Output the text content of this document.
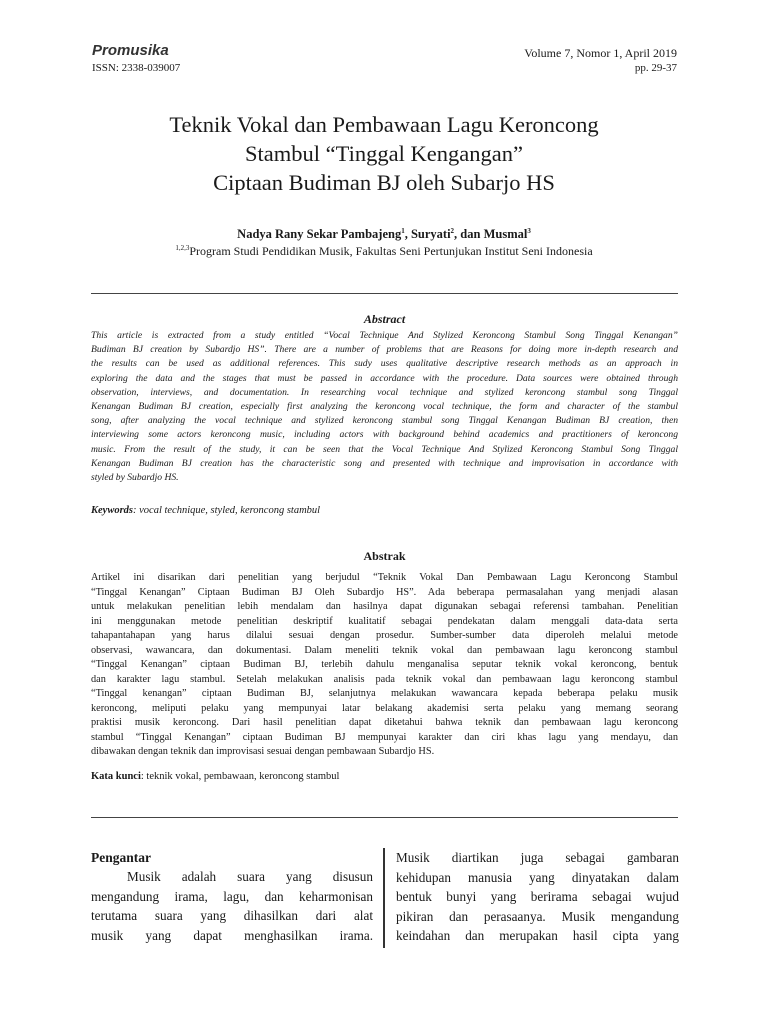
Promusika
ISSN: 2338-039007
Volume 7, Nomor 1, April 2019
pp. 29-37
Teknik Vokal dan Pembawaan Lagu Keroncong
Stambul “Tinggal Kengangan”
Ciptaan Budiman BJ oleh Subarjo HS
Nadya Rany Sekar Pambajeng$^1$, Suryati$^2$, dan Musmal$^3$
$^{1,2,3}$Program Studi Pendidikan Musik, Fakultas Seni Pertunjukan Institut Seni Indonesia
Abstract
This article is extracted from a study entitled “Vocal Technique And Stylized Keroncong Stambul Song Tinggal Kenangan”
Budiman BJ creation by Subardjo HS”. There are a number of problems that are Reasons for doing more in-depth research and
the results can be used as additional references. This sudy uses qualitative descriptive research methods as an approach in
exploring the data and the stages that must be passed in accordance with the procedure. Data sources were obtained through
observation, interviews, and documentation. In researching vocal technique and stylized keroncong stambul song Tinggal
Kenangan Budiman BJ creation, especially first analyzing the keroncong vocal technique, the form and character of the stambul
song, after analyzing the vocal technique and stylized keroncong stambul song Tinggal Kenangan Budiman BJ creation, then
interviewing some actors keroncong music, including actors with background behind academics and practitioners of keroncong
music. From the result of the study, it can be seen that the Vocal Technique And Stylized Keroncong Stambul Song Tinggal
Kenangan Budiman BJ creation has the characteristic song and presented with technique and improvisation in accordance with
styled by Subardjo HS.
Keywords: vocal technique, styled, keroncong stambul
Abstrak
Artikel ini disarikan dari penelitian yang berjudul “Teknik Vokal Dan Pembawaan Lagu Keroncong Stambul
“Tinggal Kenangan” Ciptaan Budiman BJ Oleh Subardjo HS”. Ada beberapa permasalahan yang menjadi alasan
untuk melakukan penelitian lebih mendalam dan hasilnya dapat digunakan sebagai referensi tambahan. Penelitian
ini menggunakan metode penelitian deskriptif kualitatif sebagai pendekatan dalam menggali data-data serta
tahapantahapan yang harus dilalui sesuai dengan prosedur. Sumber-sumber data diperoleh melalui metode
observasi, wawancara, dan dokumentasi. Dalam meneliti teknik vokal dan pembawaan lagu keroncong stambul
“Tinggal Kenangan” ciptaan Budiman BJ, terlebih dahulu menganalisa seputar teknik vokal keroncong, bentuk
dan karakter lagu stambul. Setelah melakukan analisis pada teknik vokal dan pembawaan lagu keroncong stambul
“Tinggal kenangan” ciptaan Budiman BJ, selanjutnya melakukan wawancara kepada beberapa pelaku musik
keroncong, meliputi pelaku yang mempunyai latar belakang akademisi serta pelaku yang memang seorang
praktisi musik keroncong. Dari hasil penelitian dapat diketahui bahwa teknik dan pembawaan lagu keroncong
stambul “Tinggal Kenangan” ciptaan Budiman BJ mempunyai karakter dan ciri khas lagu yang mendayu, dan
dibawakan dengan teknik dan improvisasi sesuai dengan pembawaan Subardjo HS.
Kata kunci: teknik vokal, pembawaan, keroncong stambul
Pengantar
Musik adalah suara yang disusun
mengandung irama, lagu, dan keharmonisan
terutama suara yang dihasilkan dari alat
musik yang dapat menghasilkan irama.
Musik diartikan juga sebagai gambaran
kehidupan manusia yang dinyatakan dalam
bentuk bunyi yang berirama sebagai wujud
pikiran dan perasaanya. Musik mengandung
keindahan dan merupakan hasil cipta yang
